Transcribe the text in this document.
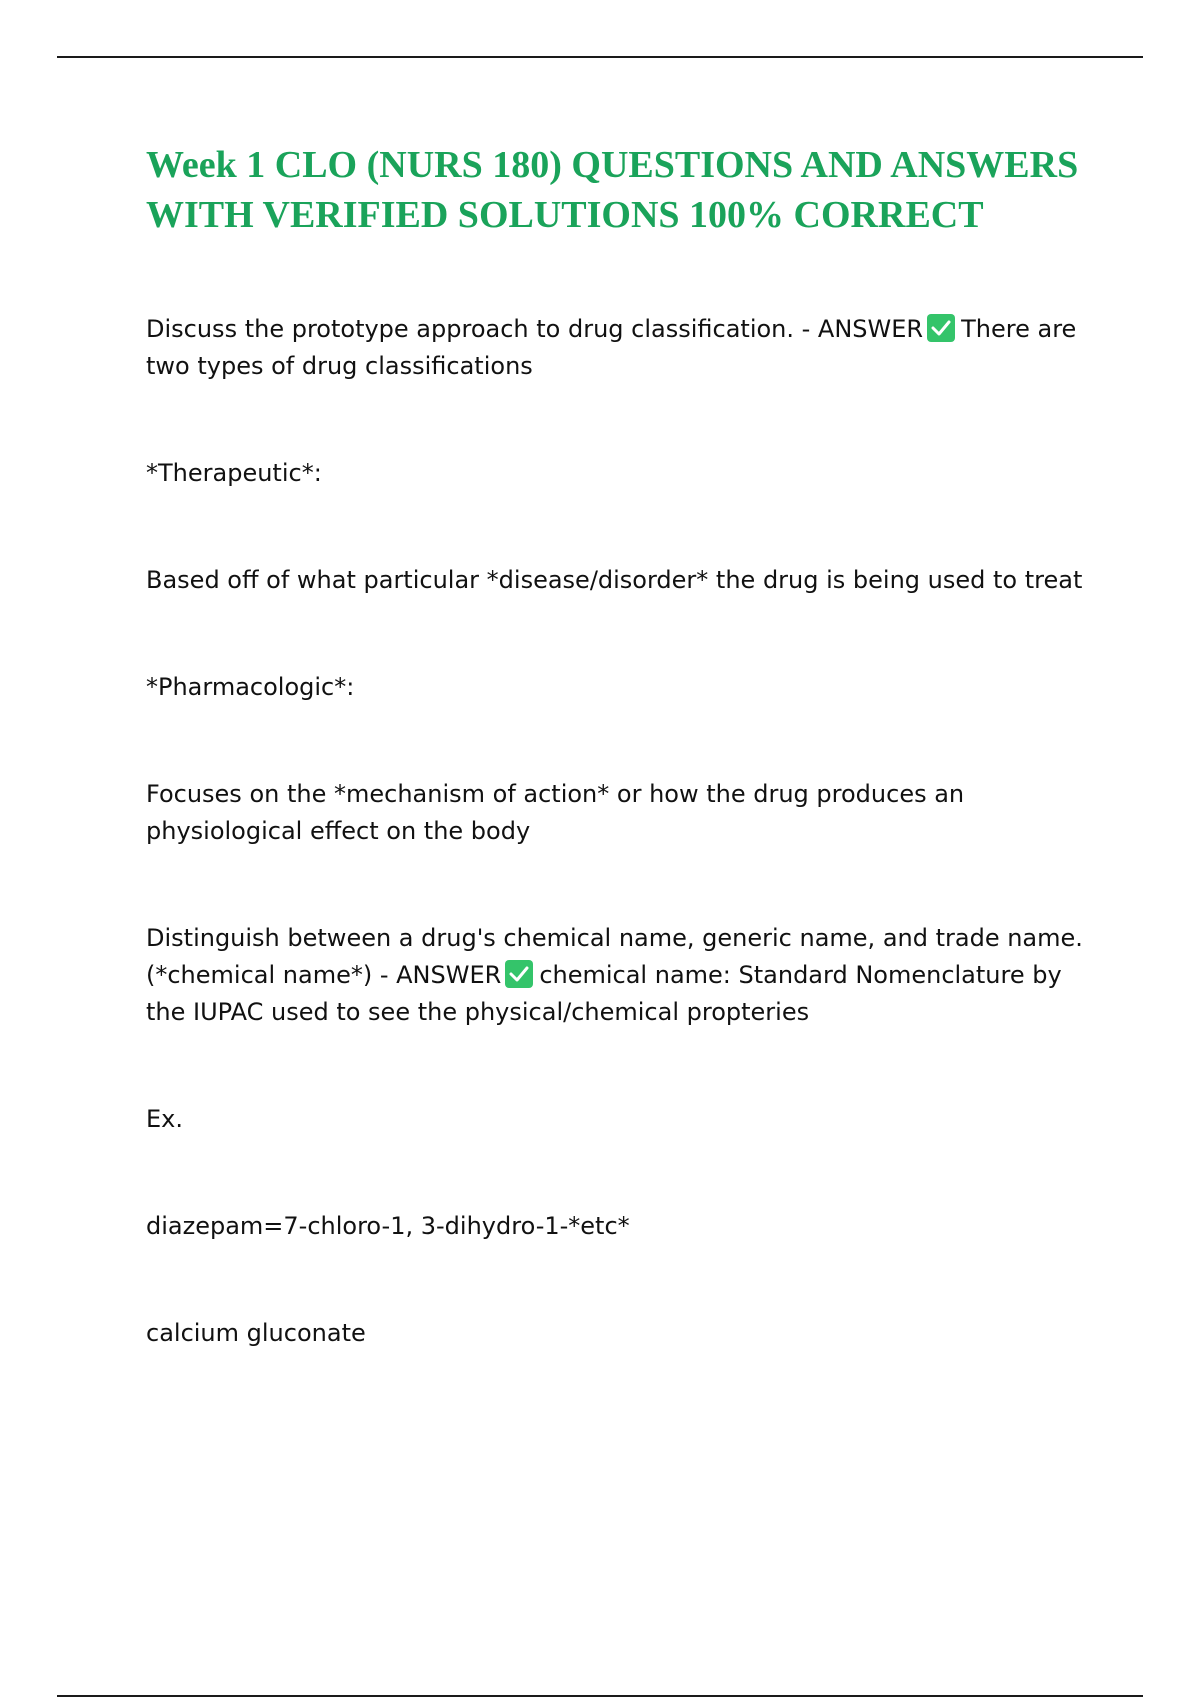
Week 1 CLO (NURS 180) QUESTIONS AND ANSWERS WITH VERIFIED SOLUTIONS 100% CORRECT

Discuss the prototype approach to drug classification. - ANSWER There are two types of drug classifications

*Therapeutic*:

Based off of what particular *disease/disorder* the drug is being used to treat

*Pharmacologic*:

Focuses on the *mechanism of action* or how the drug produces an physiological effect on the body

Distinguish between a drug's chemical name, generic name, and trade name. (*chemical name*) - ANSWER chemical name: Standard Nomenclature by the IUPAC used to see the physical/chemical propteries

Ex.

diazepam=7-chloro-1, 3-dihydro-1-*etc*

calcium gluconate
